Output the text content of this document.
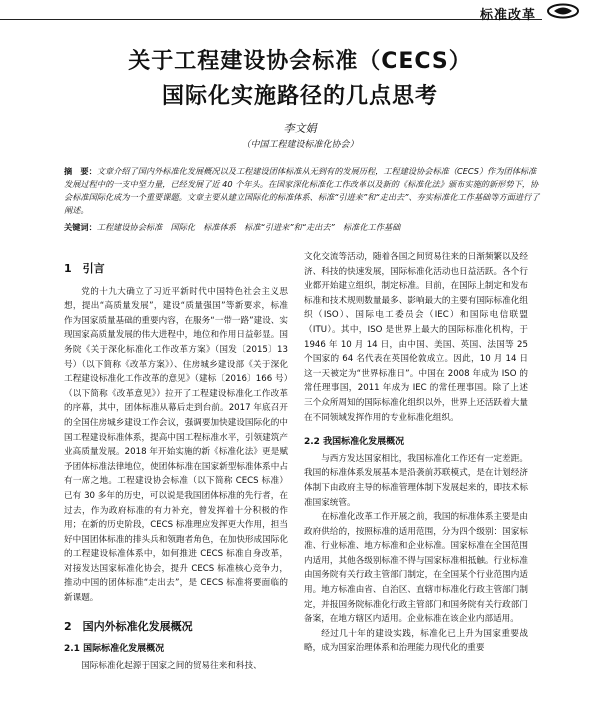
标准改革
关于工程建设协会标准（CECS）
国际化实施路径的几点思考
李文娟
（中国工程建设标准化协会）
摘　要：文章介绍了国内外标准化发展概况以及工程建设团体标准从无到有的发展历程，工程建设协会标准（CECS）作为团体标准发展过程中的一支中坚力量，已经发展了近 40 个年头。在国家深化标准化工作改革以及新的《标准化法》颁布实施的新形势下，协会标准国际化成为一个重要课题。文章主要从建立国际化的标准体系、标准“引进来”和“走出去”、夯实标准化工作基础等方面进行了阐述。
关键词：工程建设协会标准　国际化　标准体系　标准“引进来”和“走出去”　标准化工作基础
1　引言

党的十九大确立了习近平新时代中国特色社会主义思想，提出“高质量发展”，建设“质量强国”等新要求，标准作为国家质量基础的重要内容，在服务“一带一路”建设、实现国家高质量发展的伟大进程中，地位和作用日益彰显。国务院《关于深化标准化工作改革方案》（国发〔2015〕13 号）（以下简称《改革方案》）、住房城乡建设部《关于深化工程建设标准化工作改革的意见》（建标〔2016〕166 号）（以下简称《改革意见》）拉开了工程建设标准化工作改革的序幕，其中，团体标准从幕后走到台前。2017 年底召开的全国住房城乡建设工作会议，强调要加快建设国际化的中国工程建设标准体系，提高中国工程标准水平，引领建筑产业高质量发展。2018 年开始实施的新《标准化法》更是赋予团体标准法律地位，使团体标准在国家新型标准体系中占有一席之地。工程建设协会标准（以下简称 CECS 标准）已有 30 多年的历史，可以说是我国团体标准的先行者，在过去，作为政府标准的有力补充，曾发挥着十分积极的作用；在新的历史阶段，CECS 标准理应发挥更大作用，担当好中国团体标准的排头兵和领跑者角色，在加快形成国际化的工程建设标准体系中，如何推进 CECS 标准自身改革，对接发达国家标准化协会，提升 CECS 标准核心竞争力，推动中国的团体标准“走出去”，是 CECS 标准将要面临的新课题。

2　国内外标准化发展概况
2.1 国际标准化发展概况

国际标准化起源于国家之间的贸易往来和科技、

文化交流等活动，随着各国之间贸易往来的日渐频繁以及经济、科技的快速发展，国际标准化活动也日益活跃。各个行业都开始建立组织，制定标准。目前，在国际上制定和发布标准和技术规则数量最多、影响最大的主要有国际标准化组织（ISO）、国际电工委员会（IEC）和国际电信联盟（ITU）。其中，ISO 是世界上最大的国际标准化机构，于 1946 年 10 月 14 日，由中国、美国、英国、法国等 25 个国家的 64 名代表在英国伦敦成立。因此，10 月 14 日这一天被定为“世界标准日”。中国在 2008 年成为 ISO 的常任理事国，2011 年成为 IEC 的常任理事国。除了上述三个众所周知的国际标准化组织以外，世界上还活跃着大量在不同领域发挥作用的专业标准化组织。

2.2 我国标准化发展概况

与西方发达国家相比，我国标准化工作还有一定差距。我国的标准体系发展基本是沿袭前苏联模式，是在计划经济体制下由政府主导的标准管理体制下发展起来的，即技术标准国家统管。

在标准化改革工作开展之前，我国的标准体系主要是由政府供给的，按照标准的适用范围，分为四个级别：国家标准、行业标准、地方标准和企业标准。国家标准在全国范围内适用，其他各级别标准不得与国家标准相抵触。行业标准由国务院有关行政主管部门制定，在全国某个行业范围内适用。地方标准由省、自治区、直辖市标准化行政主管部门制定，并报国务院标准化行政主管部门和国务院有关行政部门备案，在地方辖区内适用。企业标准在该企业内部适用。

经过几十年的建设实践，标准化已上升为国家重要战略，成为国家治理体系和治理能力现代化的重要
